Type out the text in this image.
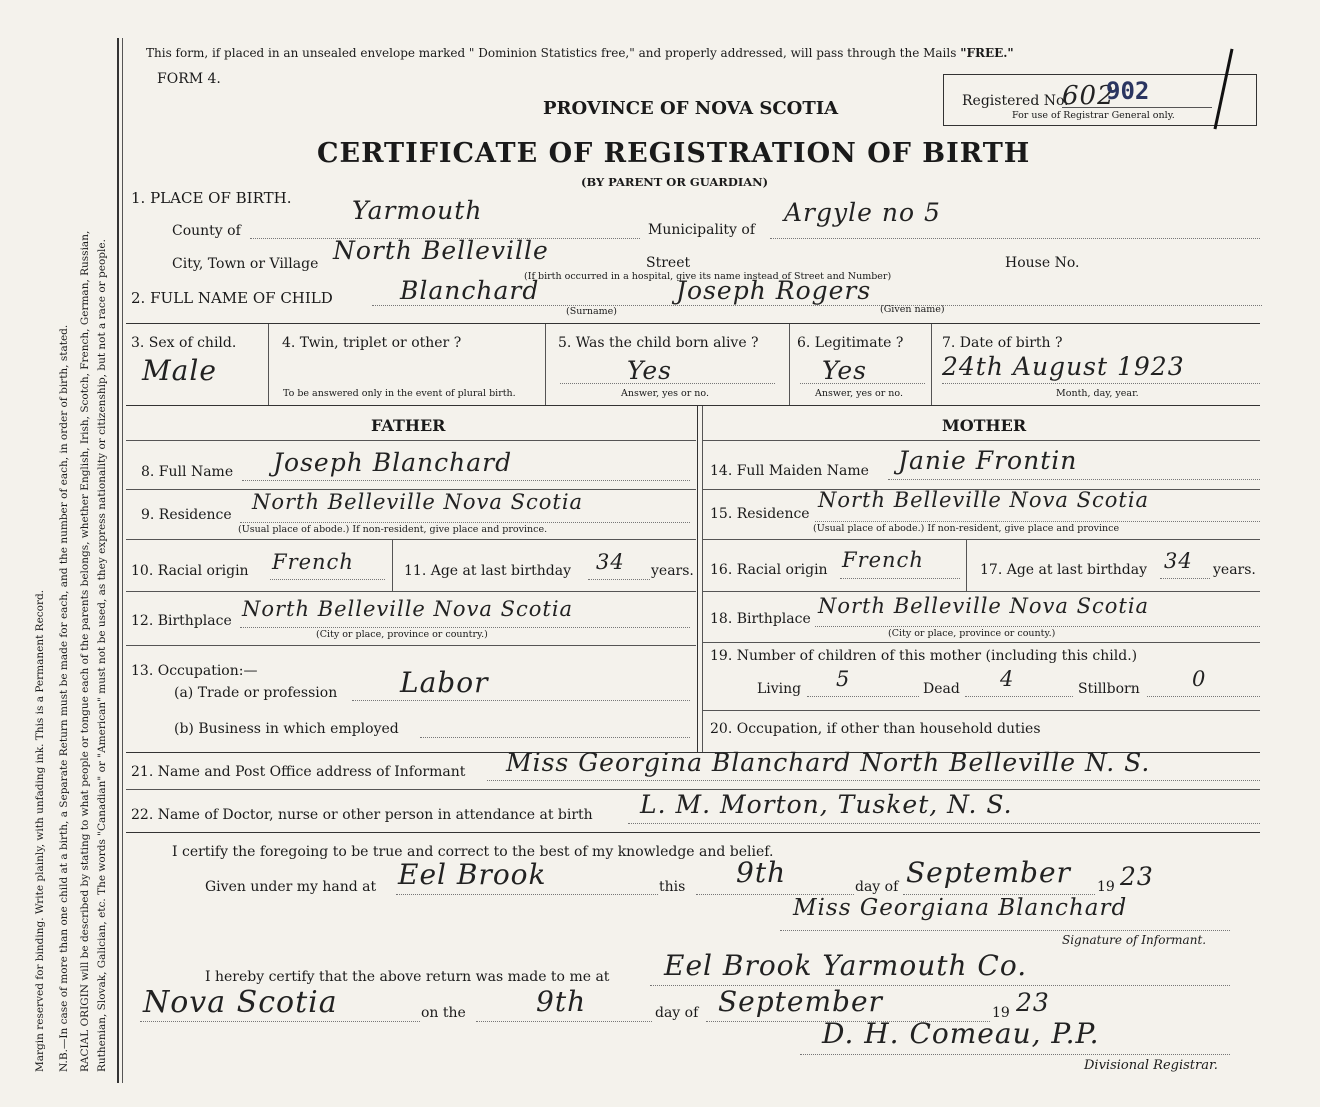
Margin reserved for binding. Write plainly, with unfading ink. This is a Permanent Record. N.B.—In case of more than one child at a birth, a Separate Return must be made for each, and the number of each, in order of birth, stated. RACIAL ORIGIN will be described by stating to what people or tongue each of the parents belongs, whether English, Irish, Scotch, French, German, Russian, Ruthenian, Slovak, Galician, etc. The words "Canadian" or "American" must not be used, as they express nationality or citizenship, but not a race or people.
This form, if placed in an unsealed envelope marked " Dominion Statistics free," and properly addressed, will pass through the Mails "FREE."
FORM 4.
PROVINCE OF NOVA SCOTIA	Registered No.
602
902
For use of Registrar General only.
CERTIFICATE OF REGISTRATION OF BIRTH
(BY PARENT OR GUARDIAN)
1. PLACE OF BIRTH.
County of
Yarmouth
Municipality of
Argyle no 5
City, Town or Village North Belleville	Street	House No.
(If birth occurred in a hospital, give its name instead of Street and Number)
2. FULL NAME OF CHILD	Blanchard	Joseph Rogers
(Surname)	(Given name)
3. Sex of child.
Male
4. Twin, triplet or other ?
To be answered only in the event of plural birth.
5. Was the child born alive ?
Yes
Answer, yes or no.
6. Legitimate ?
Yes
Answer, yes or no.
7. Date of birth ?
24th August 1923
Month, day, year.
FATHER
8. Full Name Joseph Blanchard
9. Residence
North Belleville Nova Scotia
(Usual place of abode.) If non-resident, give place and province.
10. Racial origin French	11. Age at last birthday 34 years.
12. Birthplace North Belleville Nova Scotia
(City or place, province or country.)
13. Occupation:—
(a) Trade or profession Labor
(b) Business in which employed
MOTHER
14. Full Maiden Name Janie Frontin
15. Residence
North Belleville Nova Scotia
(Usual place of abode.) If non-resident, give place and province
16. Racial origin French	17. Age at last birthday 34 years.
18. Birthplace
North Belleville Nova Scotia
(City or place, province or county.)
19. Number of children of this mother (including this child.)
Living 5	Dead 4	Stillborn 0
20. Occupation, if other than household duties
21. Name and Post Office address of Informant Miss Georgina Blanchard North Belleville N. S.
22. Name of Doctor, nurse or other person in attendance at birth L. M. Morton, Tusket, N. S.
I certify the foregoing to be true and correct to the best of my knowledge and belief.
Given under my hand at Eel Brook	this 9th	day of September 19 23
Miss Georgiana Blanchard
Signature of Informant.
I hereby certify that the above return was made to me at Eel Brook Yarmouth Co.
Nova Scotia	on the	9th	day of September	19 23
D. H. Comeau, P.P.
Divisional Registrar.
